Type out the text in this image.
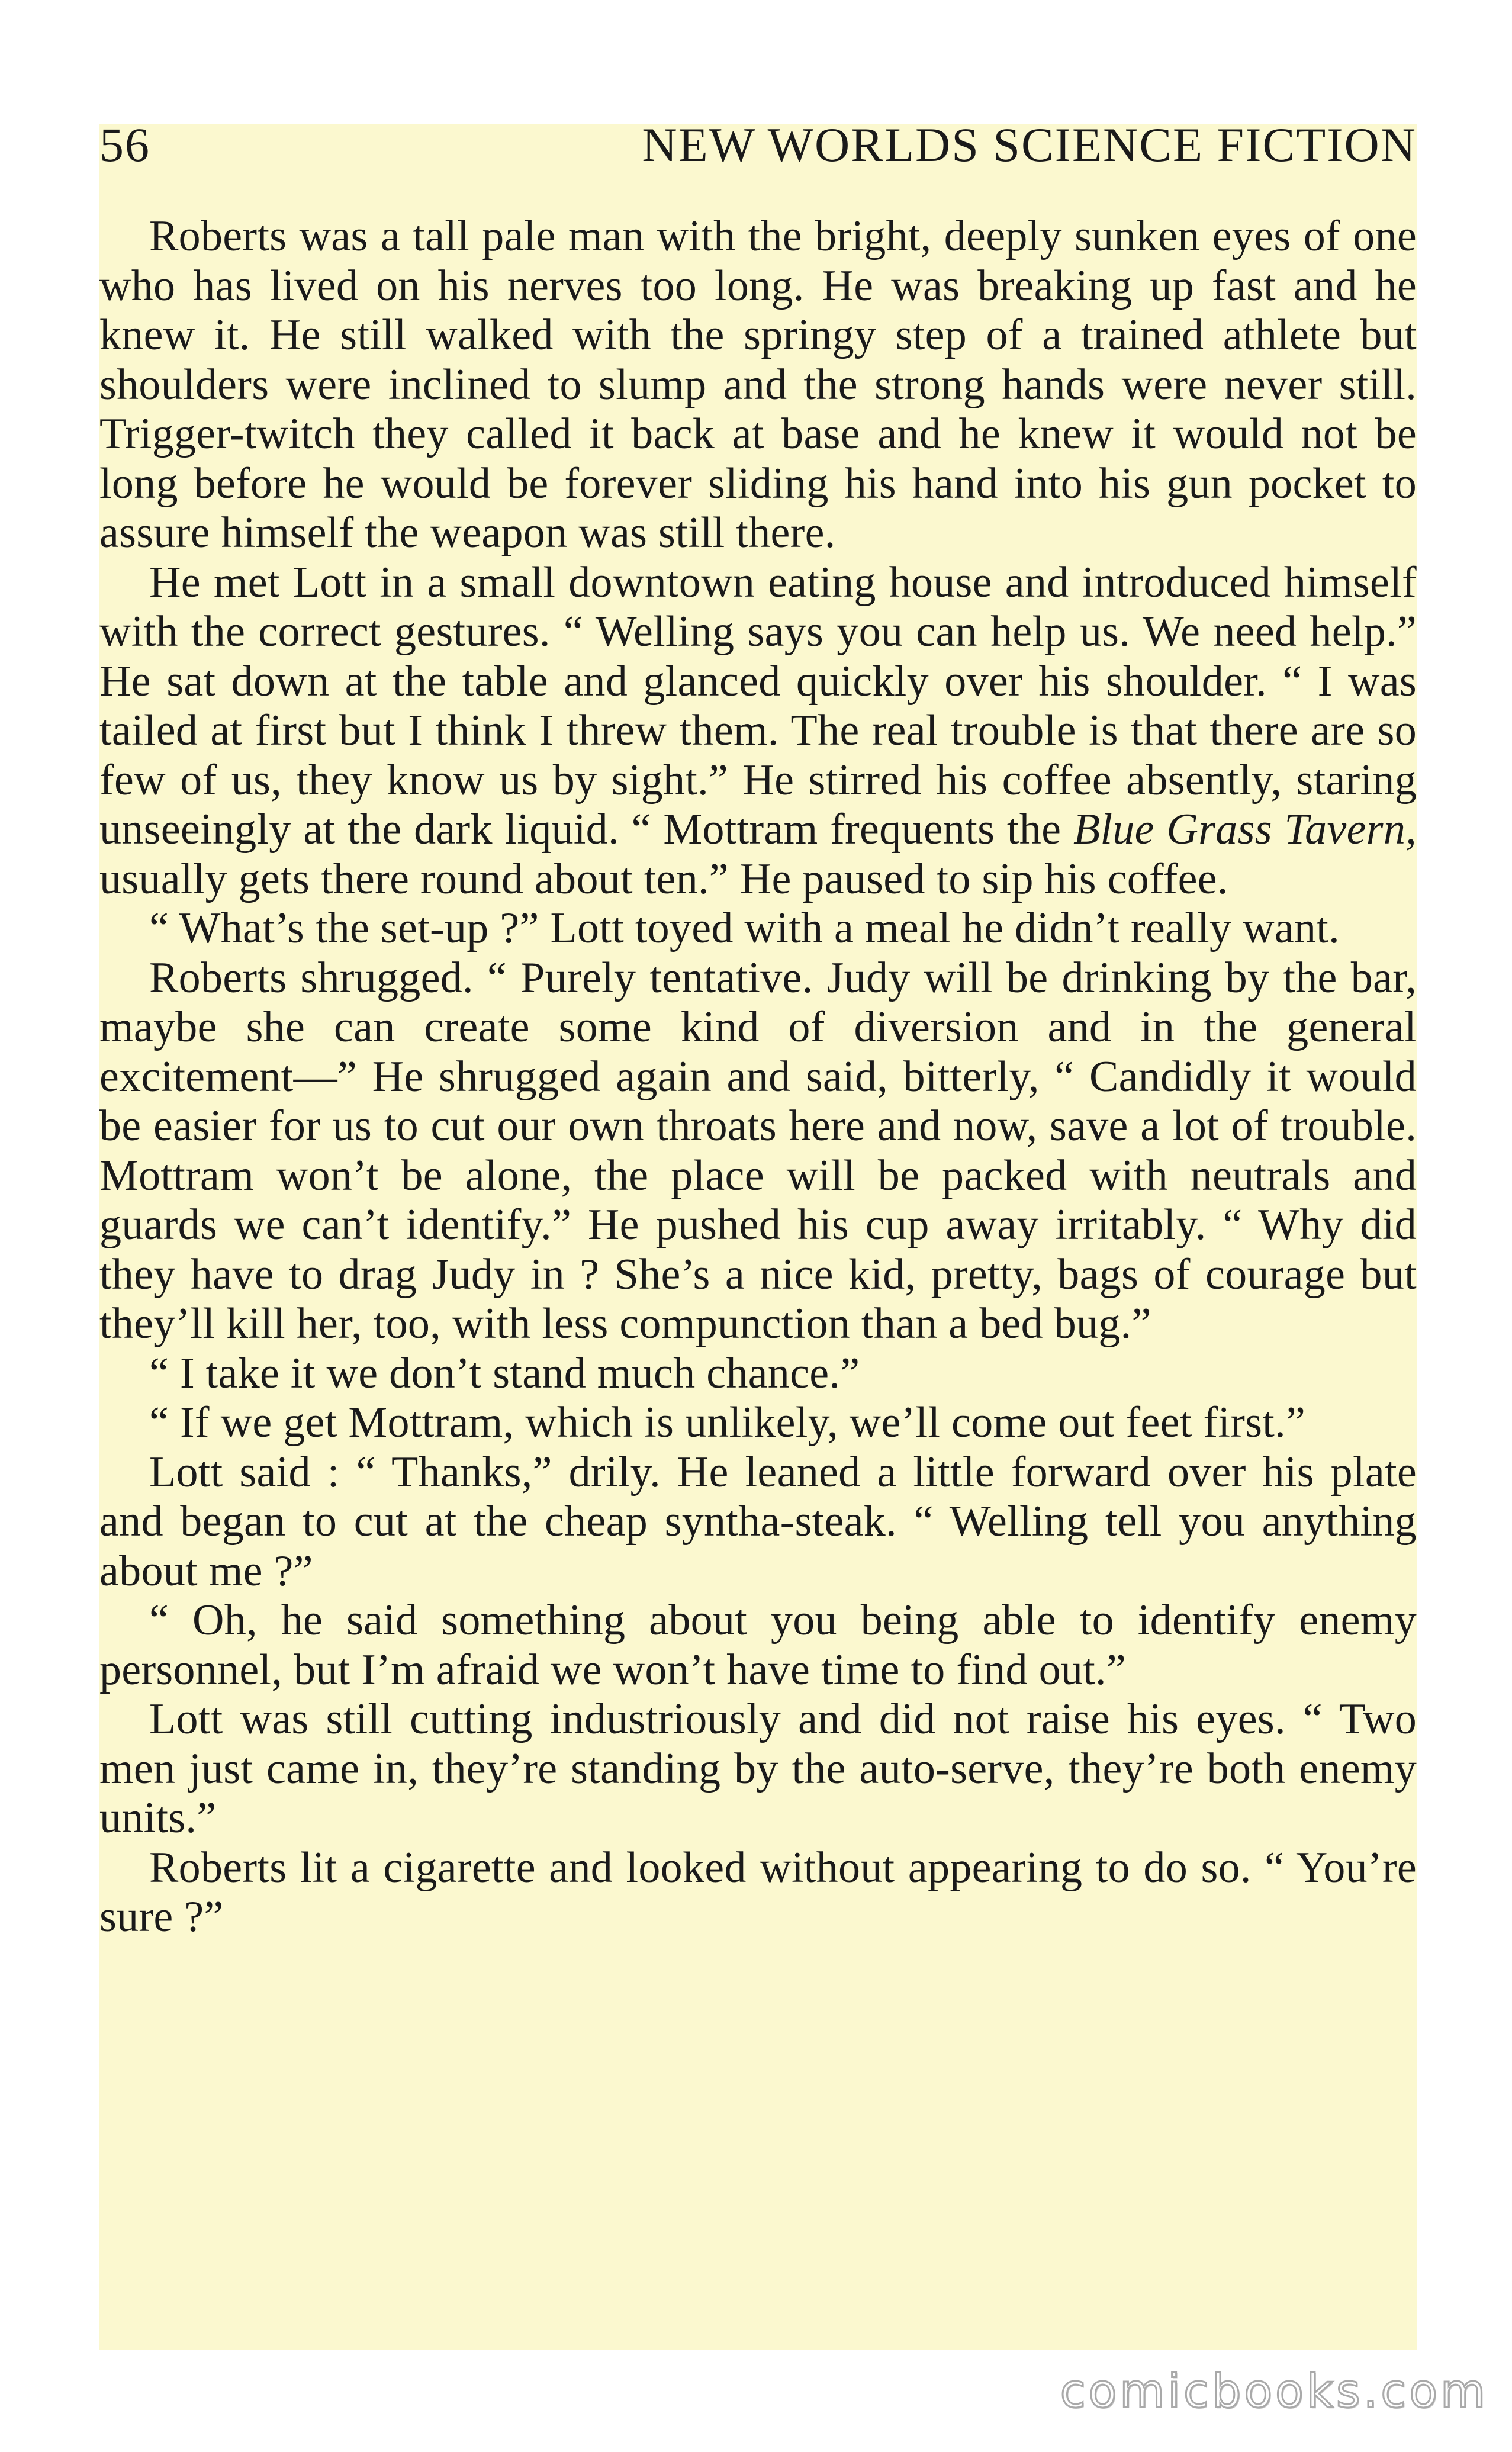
56	NEW WORLDS SCIENCE FICTION

Roberts was a tall pale man with the bright, deeply sunken eyes of one who has lived on his nerves too long. He was breaking up fast and he knew it. He still walked with the springy step of a trained athlete but shoulders were inclined to slump and the strong hands were never still. Trigger-twitch they called it back at base and he knew it would not be long before he would be forever sliding his hand into his gun pocket to assure himself the weapon was still there.

He met Lott in a small downtown eating house and introduced himself with the correct gestures. “ Welling says you can help us. We need help.” He sat down at the table and glanced quickly over his shoulder. “ I was tailed at first but I think I threw them. The real trouble is that there are so few of us, they know us by sight.” He stirred his coffee absently, staring unseeingly at the dark liquid. “ Mottram frequents the Blue Grass Tavern, usually gets there round about ten.” He paused to sip his coffee.

“ What’s the set-up ?” Lott toyed with a meal he didn’t really want.

Roberts shrugged. “ Purely tentative. Judy will be drinking by the bar, maybe she can create some kind of diversion and in the general excitement—” He shrugged again and said, bitterly, “ Candidly it would be easier for us to cut our own throats here and now, save a lot of trouble. Mottram won’t be alone, the place will be packed with neutrals and guards we can’t identify.” He pushed his cup away irritably. “ Why did they have to drag Judy in ? She’s a nice kid, pretty, bags of courage but they’ll kill her, too, with less compunction than a bed bug.”

“ I take it we don’t stand much chance.”

“ If we get Mottram, which is unlikely, we’ll come out feet first.”

Lott said : “ Thanks,” drily. He leaned a little forward over his plate and began to cut at the cheap syntha-steak. “ Welling tell you anything about me ?”

“ Oh, he said something about you being able to identify enemy personnel, but I’m afraid we won’t have time to find out.”

Lott was still cutting industriously and did not raise his eyes. “ Two men just came in, they’re standing by the auto-serve, they’re both enemy units.”

Roberts lit a cigarette and looked without appearing to do so. “ You’re sure ?”

comicbooks.com
